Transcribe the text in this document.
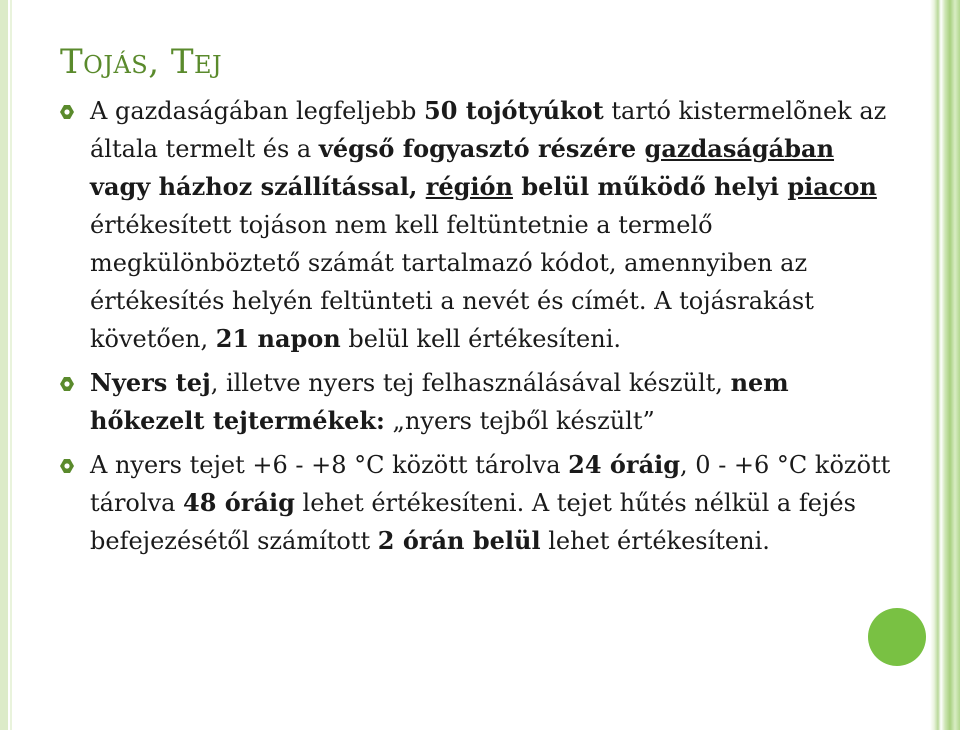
Tojás, Tej

A gazdaságában legfeljebb 50 tojótyúkot tartó kistermelõnek az általa termelt és a végső fogyasztó részére gazdaságában vagy házhoz szállítással, régión belül működő helyi piacon értékesített tojáson nem kell feltüntetnie a termelő megkülönböztető számát tartalmazó kódot, amennyiben az értékesítés helyén feltünteti a nevét és címét. A tojásrakást követően, 21 napon belül kell értékesíteni.

Nyers tej, illetve nyers tej felhasználásával készült, nem hőkezelt tejtermékek: „nyers tejből készült”

A nyers tejet +6 - +8 °C között tárolva 24 óráig, 0 - +6 °C között tárolva 48 óráig lehet értékesíteni. A tejet hűtés nélkül a fejés befejezésétől számított 2 órán belül lehet értékesíteni.
